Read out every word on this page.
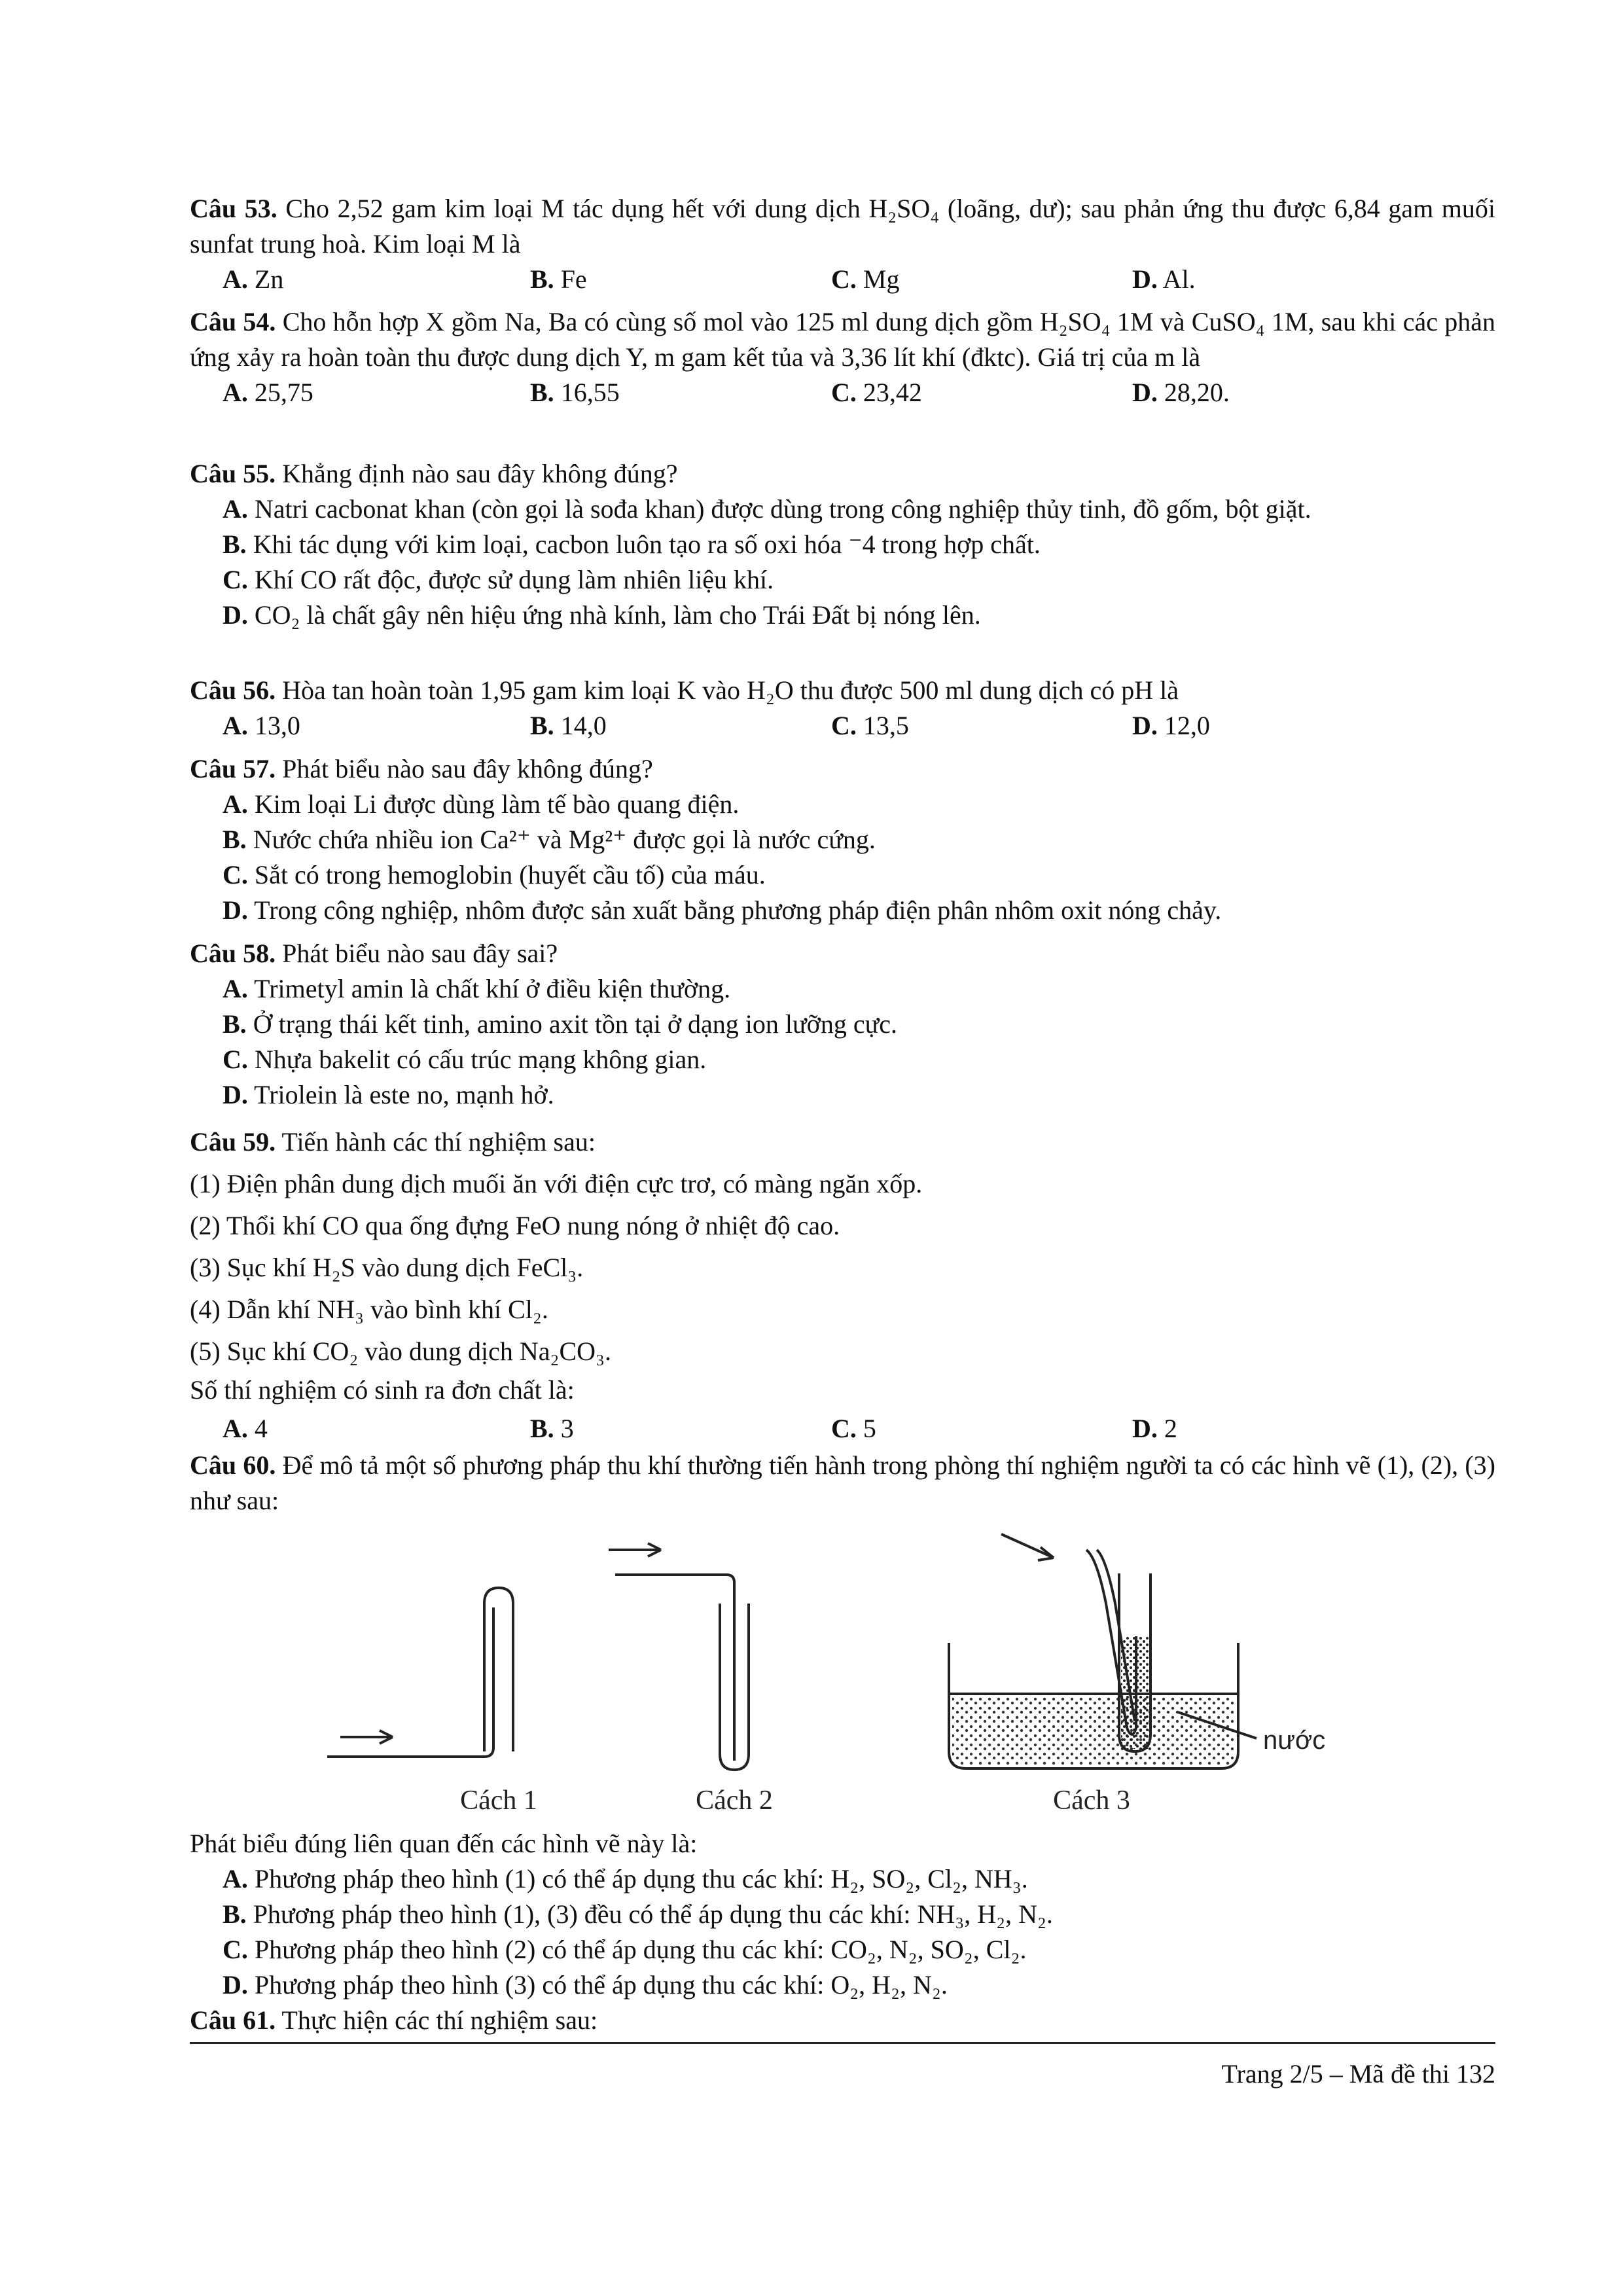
Câu 53. Cho 2,52 gam kim loại M tác dụng hết với dung dịch H₂SO₄ (loãng, dư); sau phản ứng thu được 6,84 gam muối sunfat trung hoà. Kim loại M là
A. Zn	B. Fe	C. Mg	D. Al.
Câu 54. Cho hỗn hợp X gồm Na, Ba có cùng số mol vào 125 ml dung dịch gồm H₂SO₄ 1M và CuSO₄ 1M, sau khi các phản ứng xảy ra hoàn toàn thu được dung dịch Y, m gam kết tủa và 3,36 lít khí (đktc). Giá trị của m là
A. 25,75	B. 16,55	C. 23,42	D. 28,20.
Câu 55. Khẳng định nào sau đây không đúng?
A. Natri cacbonat khan (còn gọi là sođa khan) được dùng trong công nghiệp thủy tinh, đồ gốm, bột giặt.
B. Khi tác dụng với kim loại, cacbon luôn tạo ra số oxi hóa ⁻4 trong hợp chất.
C. Khí CO rất độc, được sử dụng làm nhiên liệu khí.
D. CO₂ là chất gây nên hiệu ứng nhà kính, làm cho Trái Đất bị nóng lên.
Câu 56. Hòa tan hoàn toàn 1,95 gam kim loại K vào H₂O thu được 500 ml dung dịch có pH là
A. 13,0	B. 14,0	C. 13,5	D. 12,0
Câu 57. Phát biểu nào sau đây không đúng?
A. Kim loại Li được dùng làm tế bào quang điện.
B. Nước chứa nhiều ion Ca²⁺ và Mg²⁺ được gọi là nước cứng.
C. Sắt có trong hemoglobin (huyết cầu tố) của máu.
D. Trong công nghiệp, nhôm được sản xuất bằng phương pháp điện phân nhôm oxit nóng chảy.
Câu 58. Phát biểu nào sau đây sai?
A. Trimetyl amin là chất khí ở điều kiện thường.
B. Ở trạng thái kết tinh, amino axit tồn tại ở dạng ion lưỡng cực.
C. Nhựa bakelit có cấu trúc mạng không gian.
D. Triolein là este no, mạnh hở.
Câu 59. Tiến hành các thí nghiệm sau:
(1) Điện phân dung dịch muối ăn với điện cực trơ, có màng ngăn xốp.
(2) Thổi khí CO qua ống đựng FeO nung nóng ở nhiệt độ cao.
(3) Sục khí H₂S vào dung dịch FeCl₃.
(4) Dẫn khí NH₃ vào bình khí Cl₂.
(5) Sục khí CO₂ vào dung dịch Na₂CO₃.
Số thí nghiệm có sinh ra đơn chất là:
A. 4	B. 3	C. 5	D. 2
Câu 60. Để mô tả một số phương pháp thu khí thường tiến hành trong phòng thí nghiệm người ta có các hình vẽ (1), (2), (3) như sau:
Cách 1	Cách 2	Cách 3
nước
Phát biểu đúng liên quan đến các hình vẽ này là:
A. Phương pháp theo hình (1) có thể áp dụng thu các khí: H₂, SO₂, Cl₂, NH₃.
B. Phương pháp theo hình (1), (3) đều có thể áp dụng thu các khí: NH₃, H₂, N₂.
C. Phương pháp theo hình (2) có thể áp dụng thu các khí: CO₂, N₂, SO₂, Cl₂.
D. Phương pháp theo hình (3) có thể áp dụng thu các khí: O₂, H₂, N₂.
Câu 61. Thực hiện các thí nghiệm sau:
Trang 2/5 – Mã đề thi 132
